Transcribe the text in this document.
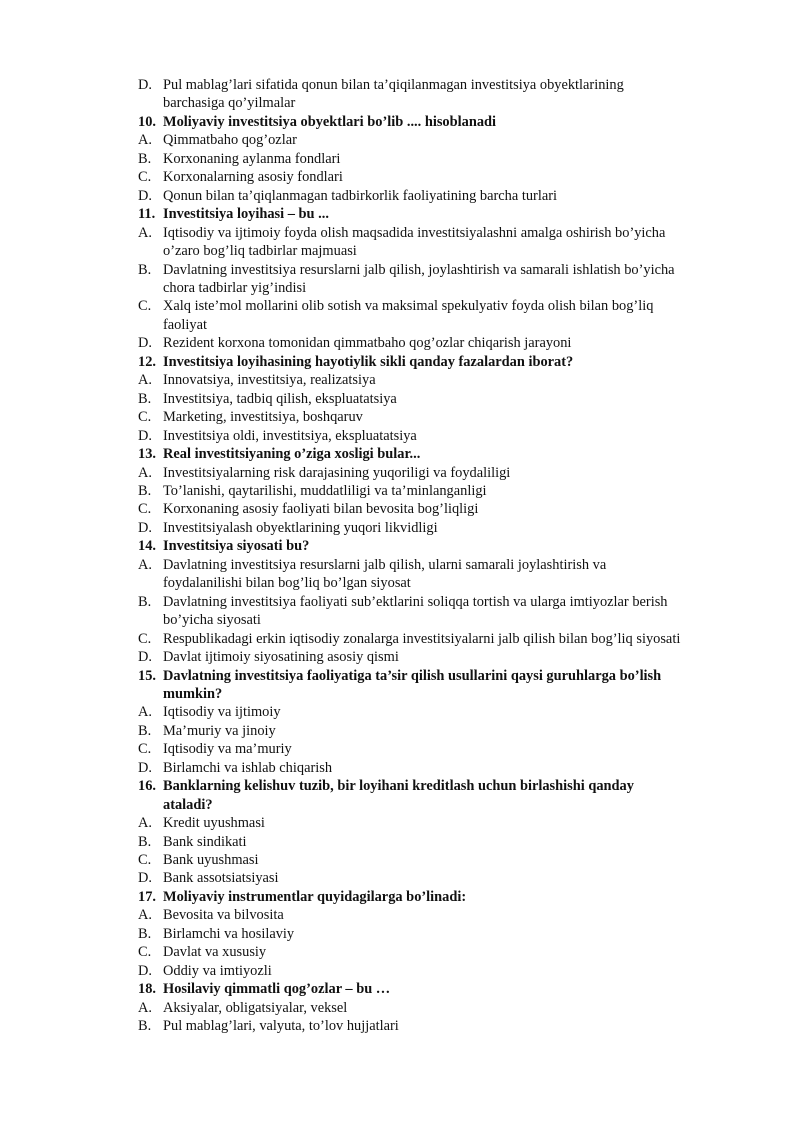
D. Pul mablag’lari sifatida qonun bilan ta’qiqilanmagan investitsiya obyektlarining
barchasiga qo’yilmalar
10. Moliyaviy investitsiya obyektlari bo’lib .... hisoblanadi
A. Qimmatbaho qog’ozlar
B. Korxonaning aylanma fondlari
C. Korxonalarning asosiy fondlari
D. Qonun bilan ta’qiqlanmagan tadbirkorlik faoliyatining barcha turlari
11. Investitsiya loyihasi – bu ...
A. Iqtisodiy va ijtimoiy foyda olish maqsadida investitsiyalashni amalga oshirish bo’yicha
o’zaro bog’liq tadbirlar majmuasi
B. Davlatning investitsiya resurslarni jalb qilish, joylashtirish va samarali ishlatish bo’yicha
chora tadbirlar yig’indisi
C. Xalq iste’mol mollarini olib sotish va maksimal spekulyativ foyda olish bilan bog’liq
faoliyat
D. Rezident korxona tomonidan qimmatbaho qog’ozlar chiqarish jarayoni
12. Investitsiya loyihasining hayotiylik sikli qanday fazalardan iborat?
A. Innovatsiya, investitsiya, realizatsiya
B. Investitsiya, tadbiq qilish, ekspluatatsiya
C. Marketing, investitsiya, boshqaruv
D. Investitsiya oldi, investitsiya, ekspluatatsiya
13. Real investitsiyaning o’ziga xosligi bular...
A. Investitsiyalarning risk darajasining yuqoriligi va foydaliligi
B. To’lanishi, qaytarilishi, muddatliligi va ta’minlanganligi
C. Korxonaning asosiy faoliyati bilan bevosita bog’liqligi
D. Investitsiyalash obyektlarining yuqori likvidligi
14. Investitsiya siyosati bu?
A. Davlatning investitsiya resurslarni jalb qilish, ularni samarali joylashtirish va
foydalanilishi bilan bog’liq bo’lgan siyosat
B. Davlatning investitsiya faoliyati sub’ektlarini soliqqa tortish va ularga imtiyozlar berish
bo’yicha siyosati
C. Respublikadagi erkin iqtisodiy zonalarga investitsiyalarni jalb qilish bilan bog’liq siyosati
D. Davlat ijtimoiy siyosatining asosiy qismi
15. Davlatning investitsiya faoliyatiga ta’sir qilish usullarini qaysi guruhlarga bo’lish
mumkin?
A. Iqtisodiy va ijtimoiy
B. Ma’muriy va jinoiy
C. Iqtisodiy va ma’muriy
D. Birlamchi va ishlab chiqarish
16. Banklarning kelishuv tuzib, bir loyihani kreditlash uchun birlashishi qanday
ataladi?
A. Kredit uyushmasi
B. Bank sindikati
C. Bank uyushmasi
D. Bank assotsiatsiyasi
17. Moliyaviy instrumentlar quyidagilarga bo’linadi:
A. Bevosita va bilvosita
B. Birlamchi va hosilaviy
C. Davlat va xususiy
D. Oddiy va imtiyozli
18. Hosilaviy qimmatli qog’ozlar – bu …
A. Aksiyalar, obligatsiyalar, veksel
B. Pul mablag’lari, valyuta, to’lov hujjatlari
